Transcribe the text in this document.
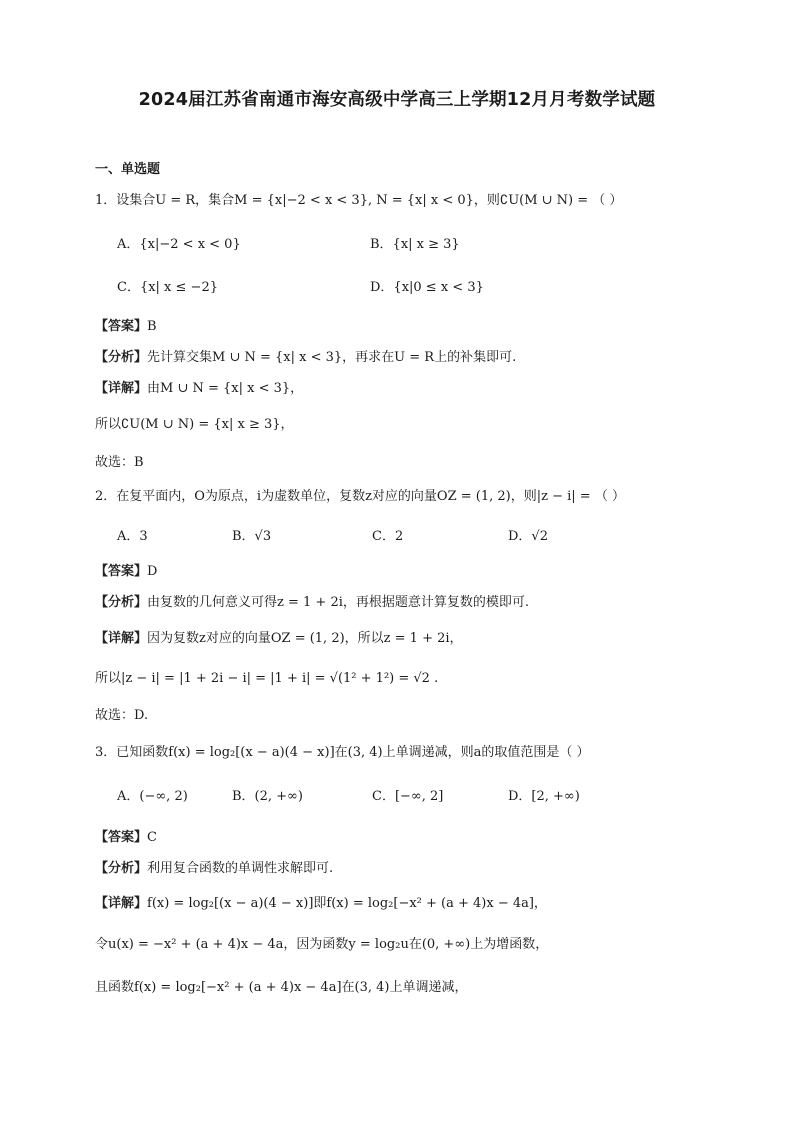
2024届江苏省南通市海安高级中学高三上学期12月月考数学试题
一、单选题
1．设集合U = R，集合M = {x|−2 < x < 3}, N = {x| x < 0}，则∁U(M ∪ N) = （ ）
A．{x|−2 < x < 0}	B．{x| x ≥ 3}
C．{x| x ≤ −2}	D．{x|0 ≤ x < 3}
【答案】B
【分析】先计算交集M ∪ N = {x| x < 3}，再求在U = R上的补集即可.
【详解】由M ∪ N = {x| x < 3}，
所以∁U(M ∪ N) = {x| x ≥ 3}，
故选：B
2．在复平面内，O为原点，i为虚数单位，复数z对应的向量OZ = (1, 2)，则|z − i| = （ ）
A．3	B．√3	C．2	D．√2
【答案】D
【分析】由复数的几何意义可得z = 1 + 2i，再根据题意计算复数的模即可.
【详解】因为复数z对应的向量OZ = (1, 2)，所以z = 1 + 2i，
所以|z − i| = |1 + 2i − i| = |1 + i| = √(1² + 1²) = √2 .
故选：D.
3．已知函数f(x) = log₂[(x − a)(4 − x)]在(3, 4)上单调递减，则a的取值范围是（ ）
A．(−∞, 2)	B．(2, +∞)	C．[−∞, 2]	D．[2, +∞)
【答案】C
【分析】利用复合函数的单调性求解即可.
【详解】f(x) = log₂[(x − a)(4 − x)]即f(x) = log₂[−x² + (a + 4)x − 4a]，
令u(x) = −x² + (a + 4)x − 4a，因为函数y = log₂u在(0, +∞)上为增函数，
且函数f(x) = log₂[−x² + (a + 4)x − 4a]在(3, 4)上单调递减，
